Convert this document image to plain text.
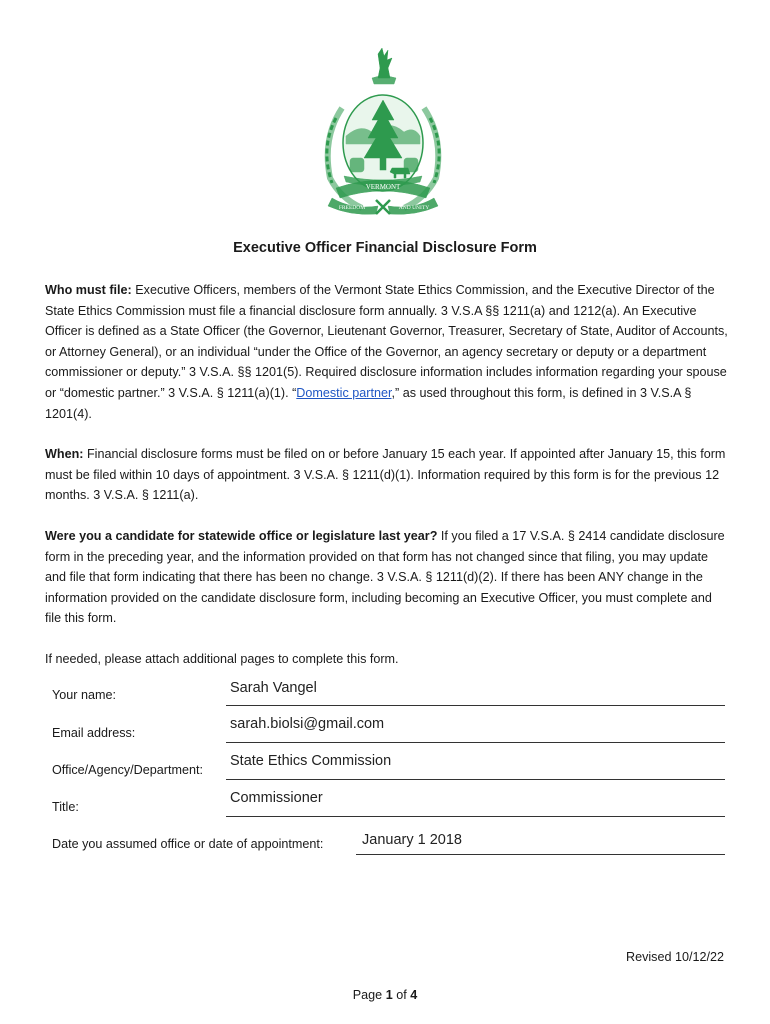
VERMONT
FREEDOM	AND UNITY
Executive Officer Financial Disclosure Form

Who must file: Executive Officers, members of the Vermont State Ethics Commission, and the Executive Director of the State Ethics Commission must file a financial disclosure form annually. 3 V.S.A §§ 1211(a) and 1212(a). An Executive Officer is defined as a State Officer (the Governor, Lieutenant Governor, Treasurer, Secretary of State, Auditor of Accounts, or Attorney General), or an individual “under the Office of the Governor, an agency secretary or deputy or a department commissioner or deputy.” 3 V.S.A. §§ 1201(5). Required disclosure information includes information regarding your spouse or “domestic partner.” 3 V.S.A. § 1211(a)(1). “Domestic partner,” as used throughout this form, is defined in 3 V.S.A § 1201(4).

When: Financial disclosure forms must be filed on or before January 15 each year. If appointed after January 15, this form must be filed within 10 days of appointment. 3 V.S.A. § 1211(d)(1). Information required by this form is for the previous 12 months. 3 V.S.A. § 1211(a).

Were you a candidate for statewide office or legislature last year? If you filed a 17 V.S.A. § 2414 candidate disclosure form in the preceding year, and the information provided on that form has not changed since that filing, you may update and file that form indicating that there has been no change. 3 V.S.A. § 1211(d)(2). If there has been ANY change in the information provided on the candidate disclosure form, including becoming an Executive Officer, you must complete and file this form.

If needed, please attach additional pages to complete this form.

Your name:	Sarah Vangel
Email address:
sarah.biolsi@gmail.com
Office/Agency/Department:
State Ethics Commission
Title:
Commissioner
Date you assumed office or date of appointment:	January 1 2018
Revised 10/12/22
Page 1 of 4
